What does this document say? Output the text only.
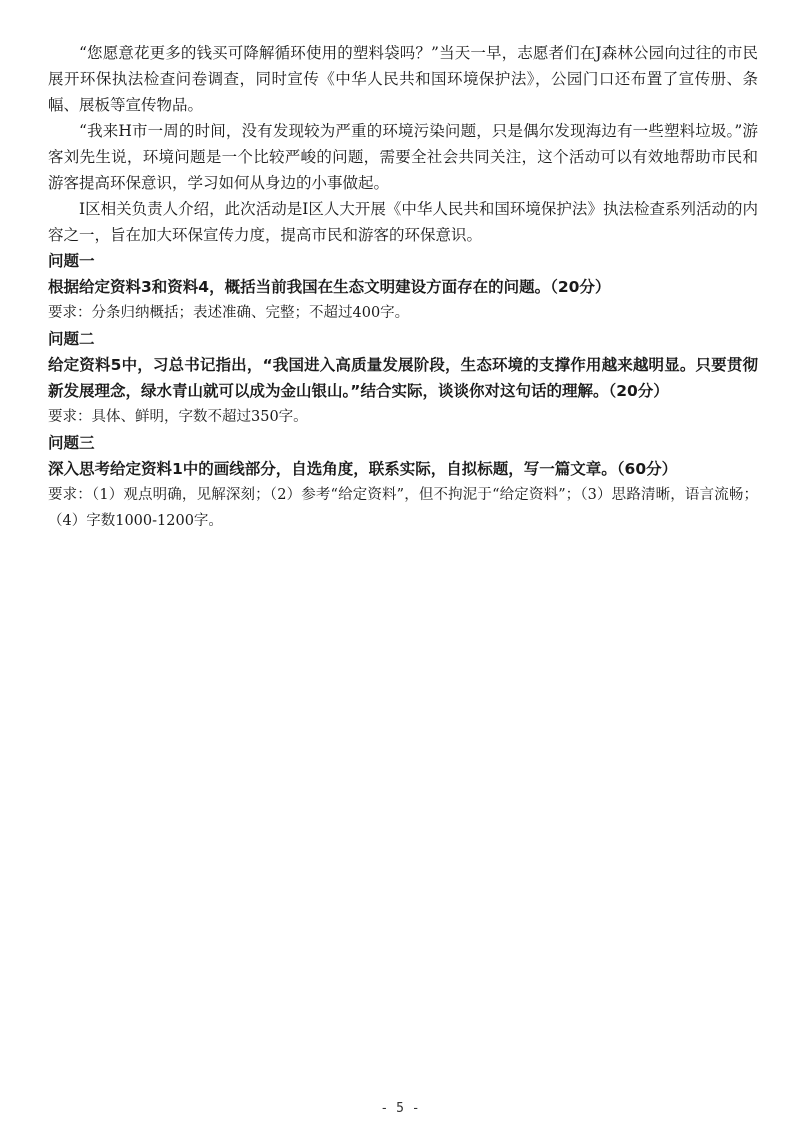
“您愿意花更多的钱买可降解循环使用的塑料袋吗？”当天一早，志愿者们在J森林公园向过往的市民展开环保执法检查问卷调查，同时宣传《中华人民共和国环境保护法》，公园门口还布置了宣传册、条幅、展板等宣传物品。

“我来H市一周的时间，没有发现较为严重的环境污染问题，只是偶尔发现海边有一些塑料垃圾。”游客刘先生说，环境问题是一个比较严峻的问题，需要全社会共同关注，这个活动可以有效地帮助市民和游客提高环保意识，学习如何从身边的小事做起。

I区相关负责人介绍，此次活动是I区人大开展《中华人民共和国环境保护法》执法检查系列活动的内容之一，旨在加大环保宣传力度，提高市民和游客的环保意识。

问题一

根据给定资料3和资料4，概括当前我国在生态文明建设方面存在的问题。（20分）

要求：分条归纳概括；表述准确、完整；不超过400字。

问题二

给定资料5中，习总书记指出，“我国进入高质量发展阶段，生态环境的支撑作用越来越明显。只要贯彻新发展理念，绿水青山就可以成为金山银山。”结合实际，谈谈你对这句话的理解。（20分）

要求：具体、鲜明，字数不超过350字。

问题三

深入思考给定资料1中的画线部分，自选角度，联系实际，自拟标题，写一篇文章。（60分）

要求：（1）观点明确，见解深刻；（2）参考“给定资料”，但不拘泥于“给定资料”；（3）思路清晰，语言流畅；（4）字数1000-1200字。

- 5 -
